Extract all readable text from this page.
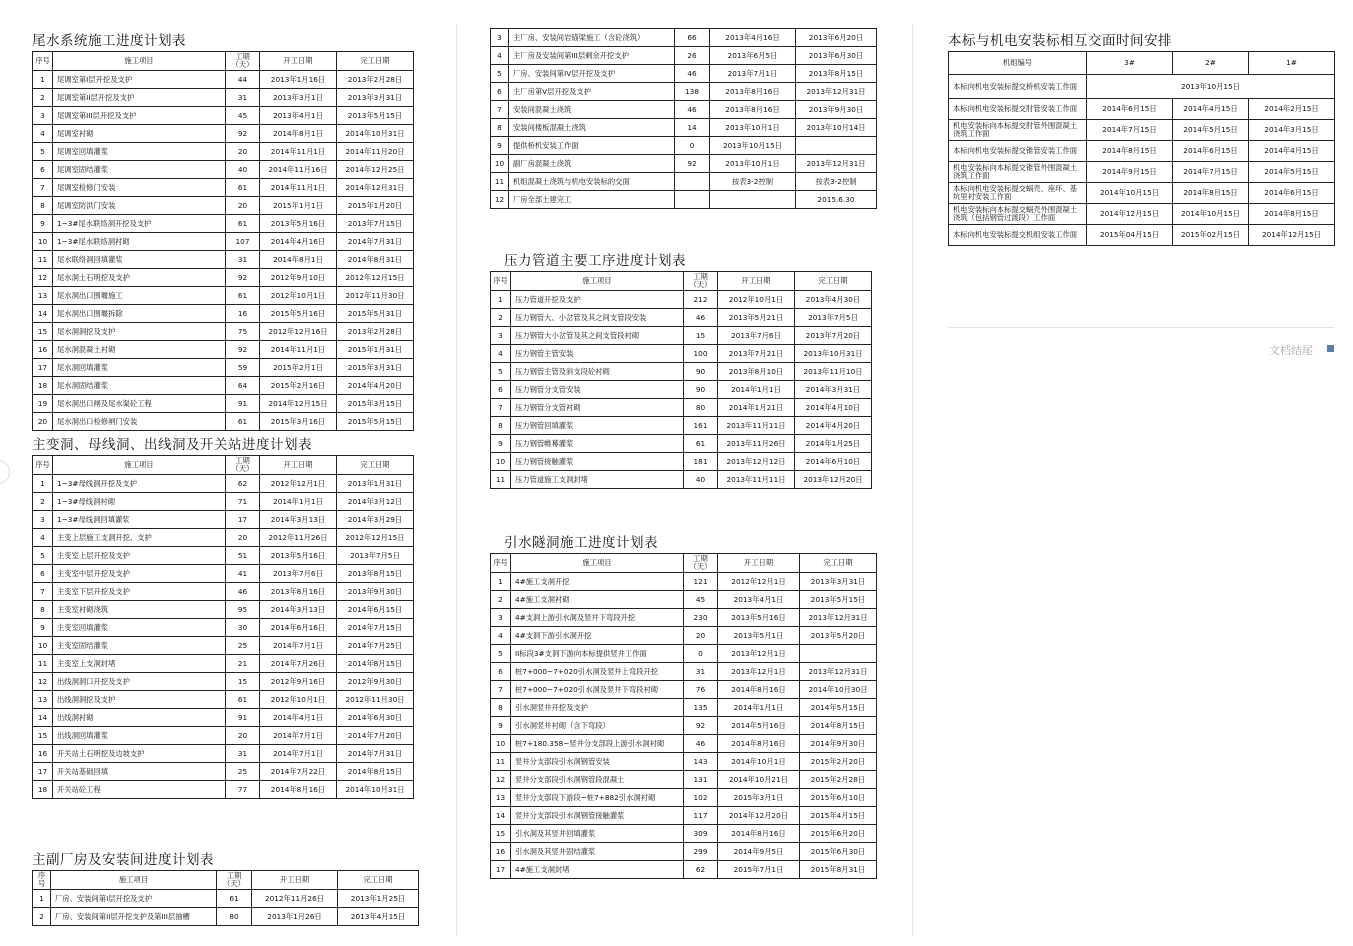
尾水系统施工进度计划表
序号	施工项目	工期（天）	开工日期	完工日期
1	尾调室第I层开挖及支护	44	2013年1月16日	2013年2月28日
2	尾调室第II层开挖及支护	31	2013年3月1日	2013年3月31日
3	尾调室第III层开挖及支护	45	2013年4月1日	2013年5月15日
4	尾调室衬砌	92	2014年8月1日	2014年10月31日
5	尾调室回填灌浆	20	2014年11月1日	2014年11月20日
6	尾调室固结灌浆	40	2014年11月16日	2014年12月25日
7	尾调室检修门安装	61	2014年11月1日	2014年12月31日
8	尾调室防洪门安装	20	2015年1月1日	2015年1月20日
9	1~3#尾水联络洞开挖及支护	61	2013年5月16日	2013年7月15日
10	1~3#尾水联络洞衬砌	107	2014年4月16日	2014年7月31日
11	尾水联络洞回填灌浆	31	2014年8月1日	2014年8月31日
12	尾水洞土石明挖及支护	92	2012年9月10日	2012年12月15日
13	尾水洞出口围堰施工	61	2012年10月1日	2012年11月30日
14	尾水洞出口围堰拆除	16	2015年5月16日	2015年5月31日
15	尾水洞洞挖及支护	75	2012年12月16日	2013年2月28日
16	尾水洞混凝土衬砌	92	2014年11月1日	2015年1月31日
17	尾水洞回填灌浆	59	2015年2月1日	2015年3月31日
18	尾水洞固结灌浆	64	2015年2月16日	2014年4月20日
19	尾水洞出口闸及尾水渠砼工程	91	2014年12月15日	2015年3月15日
20	尾水洞出口检修闸门安装	61	2015年3月16日	2015年5月15日
主变洞、母线洞、出线洞及开关站进度计划表
序号	施工项目	工期（天）	开工日期	完工日期
1	1~3#母线洞开挖及支护	62	2012年12月1日	2013年1月31日
2	1~3#母线洞衬砌	71	2014年1月1日	2014年3月12日
3	1~3#母线洞回填灌浆	17	2014年3月13日	2014年3月29日
4	主变上层施工支洞开挖、支护	20	2012年11月26日	2012年12月15日
5	主变室上层开挖及支护	51	2013年5月16日	2013年7月5日
6	主变室中层开挖及支护	41	2013年7月6日	2013年8月15日
7	主变室下层开挖及支护	46	2013年8月16日	2013年9月30日
8	主变室衬砌浇筑	95	2014年3月13日	2014年6月15日
9	主变室回填灌浆	30	2014年6月16日	2014年7月15日
10	主变室固结灌浆	25	2014年7月1日	2014年7月25日
11	主变室上支洞封堵	21	2014年7月26日	2014年8月15日
12	出线洞洞口开挖及支护	15	2012年9月16日	2012年9月30日
13	出线洞洞挖及支护	61	2012年10月1日	2012年11月30日
14	出线洞衬砌	91	2014年4月1日	2014年6月30日
15	出线洞回填灌浆	20	2014年7月1日	2014年7月20日
16	开关站土石明挖及边坡支护	31	2014年7月1日	2014年7月31日
17	开关站基础回填	25	2014年7月22日	2014年8月15日
18	开关站砼工程	77	2014年8月16日	2014年10月31日
主副厂房及安装间进度计划表
序号	施工项目	工期（天）	开工日期	完工日期
1	厂房、安装间第I层开挖及支护	61	2012年11月26日	2013年1月25日
2	厂房、安装间第II层开挖支护及第III层抽槽	80	2013年1月26日	2013年4月15日
3	主厂房、安装间岩锚梁施工（含砼浇筑）	66	2013年4月16日	2013年6月20日
4	主厂房及安装间第III层剩余开挖支护	26	2013年6月5日	2013年6月30日
5	厂房、安装间第IV层开挖及支护	46	2013年7月1日	2013年8月15日
6	主厂房第V层开挖及支护	138	2013年8月16日	2013年12月31日
7	安装间混凝土浇筑	46	2013年8月16日	2013年9月30日
8	安装间楼板混凝土浇筑	14	2013年10月1日	2013年10月14日
9	提供桥机安装工作面	0	2013年10月15日	
10	副厂房混凝土浇筑	92	2013年10月1日	2013年12月31日
11	机组混凝土浇筑与机电安装标的交面		按表3-2控制	按表3-2控制
12	厂房全部土建完工			2015.6.30
压力管道主要工序进度计划表
序号	施工项目	工期（天）	开工日期	完工日期
1	压力管道开挖及支护	212	2012年10月1日	2013年4月30日
2	压力钢管大、小岔管及其之间支管段安装	46	2013年5月21日	2013年7月5日
3	压力钢管大小岔管及其之间支管段衬砌	15	2013年7月6日	2013年7月20日
4	压力钢管主管安装	100	2013年7月21日	2013年10月31日
5	压力钢管主管及斜支段砼衬砌	90	2013年8月10日	2013年11月10日
6	压力钢管分支管安装	90	2014年1月1日	2014年3月31日
7	压力钢管分支管衬砌	80	2014年1月21日	2014年4月10日
8	压力钢管回填灌浆	161	2013年11月11日	2014年4月20日
9	压力钢管帷幕灌浆	61	2013年11月26日	2014年1月25日
10	压力钢管接触灌浆	181	2013年12月12日	2014年6月10日
11	压力管道施工支洞封堵	40	2013年11月11日	2013年12月20日
引水隧洞施工进度计划表
序号	施工项目	工期（天）	开工日期	完工日期
1	4#施工支洞开挖	121	2012年12月1日	2013年3月31日
2	4#施工支洞衬砌	45	2013年4月1日	2013年5月15日
3	4#支洞上游引水洞及竖井下弯段开挖	230	2013年5月16日	2013年12月31日
4	4#支洞下游引水洞开挖	20	2013年5月1日	2013年5月20日
5	II标段3#支洞下游向本标提供竖井工作面	0	2013年12月1日	
6	桩7+000~7+020引水洞及竖井上弯段开挖	31	2013年12月1日	2013年12月31日
7	桩7+000~7+020引水洞及竖井下弯段衬砌	76	2014年8月16日	2014年10月30日
8	引水洞竖井开挖及支护	135	2014年1月1日	2014年5月15日
9	引水洞竖井衬砌（含下弯段）	92	2014年5月16日	2014年8月15日
10	桩7+180.358~竖井分支部段上游引水洞衬砌	46	2014年8月16日	2014年9月30日
11	竖井分支部段引水洞钢管安装	143	2014年10月1日	2015年2月20日
12	竖井分支部段引水洞钢管段混凝土	131	2014年10月21日	2015年2月28日
13	竖井分支部段下游段~桩7+882引水洞衬砌	102	2015年3月1日	2015年6月10日
14	竖井分支部段引水洞钢管接触灌浆	117	2014年12月20日	2015年4月15日
15	引水洞及其竖井回填灌浆	309	2014年8月16日	2015年6月20日
16	引水洞及其竖井固结灌浆	299	2014年9月5日	2015年6月30日
17	4#施工支洞封堵	62	2015年7月1日	2015年8月31日
本标与机电安装标相互交面时间安排
机组编号	3#	2#	1#
本标向机电安装标提交桥机安装工作面	2013年10月15日		
本标向机电安装标提交肘管安装工作面	2014年6月15日	2014年4月15日	2014年2月15日
机电安装标向本标提交肘管外围混凝土浇筑工作面	2014年7月15日	2014年5月15日	2014年3月15日
本标向机电安装标提交锥管安装工作面	2014年8月15日	2014年6月15日	2014年4月15日
机电安装标向本标提交锥管外围混凝土浇筑工作面	2014年9月15日	2014年7月15日	2014年5月15日
本标向机电安装标提交蜗壳、座环、基坑里衬安装工作面	2014年10月15日	2014年8月15日	2014年6月15日
机电安装标向本标提交蜗壳外围混凝土浇筑（包括钢管过渡段）工作面	2014年12月15日	2014年10月15日	2014年8月15日
本标向机电安装标提交机组安装工作面	2015年04月15日	2015年02月15日	2014年12月15日
文档结尾
